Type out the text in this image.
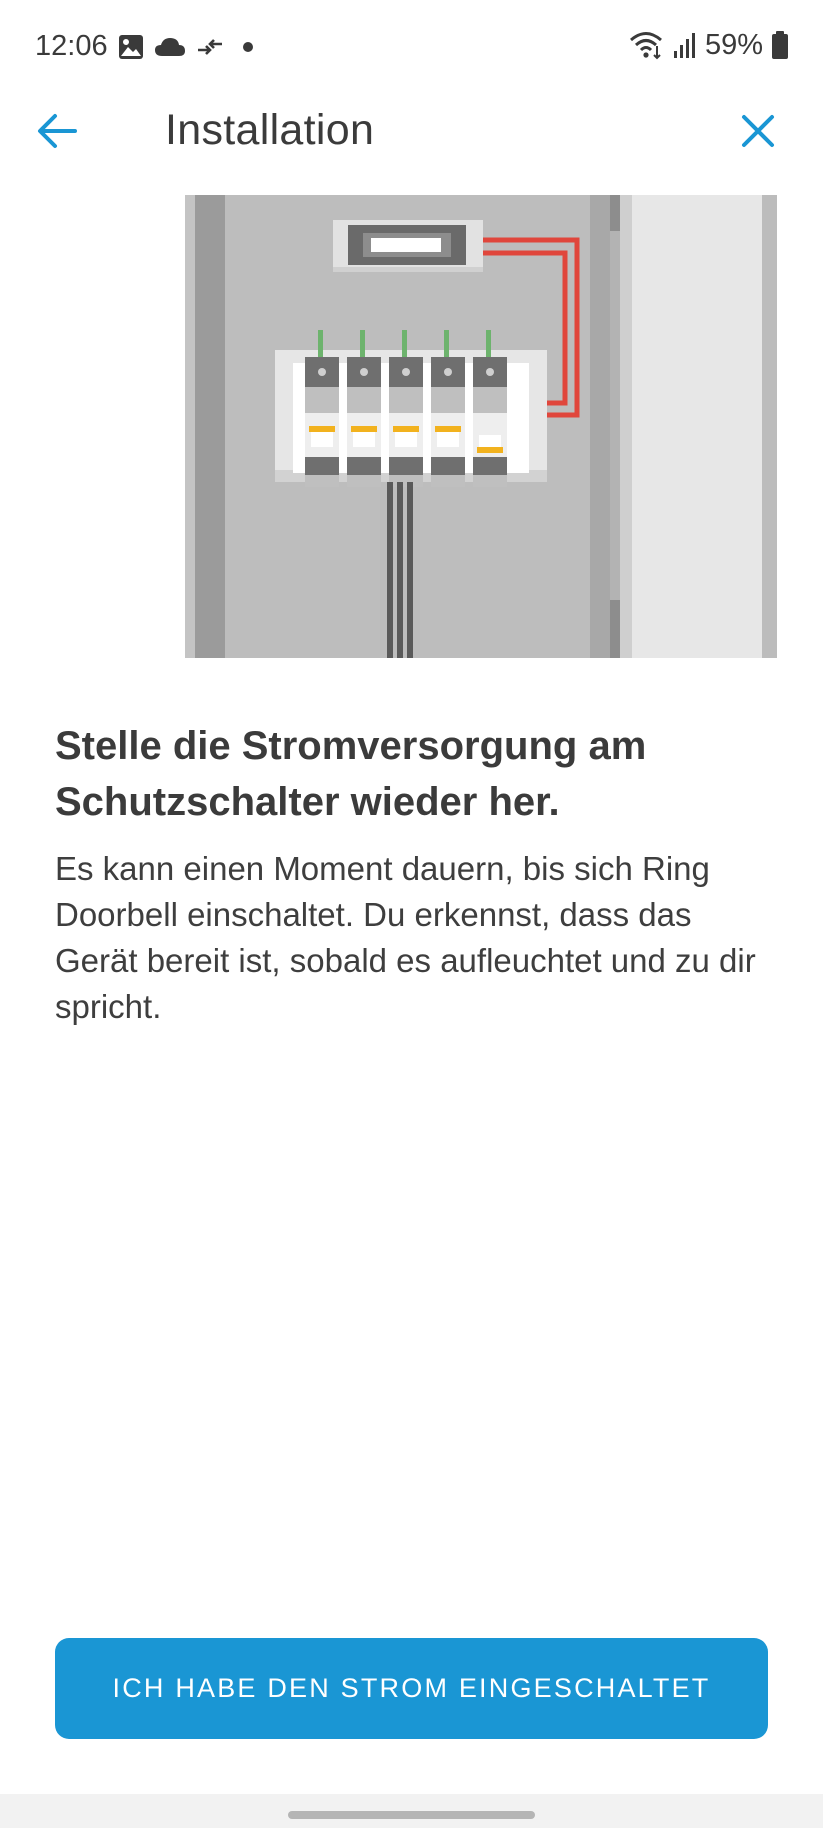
12:06	59%
Installation
Stelle die Stromversorgung am Schutzschalter wieder her.

Es kann einen Moment dauern, bis sich Ring Doorbell einschaltet. Du erkennst, dass das Gerät bereit ist, sobald es aufleuchtet und zu dir spricht.

ICH HABE DEN STROM EINGESCHALTET
